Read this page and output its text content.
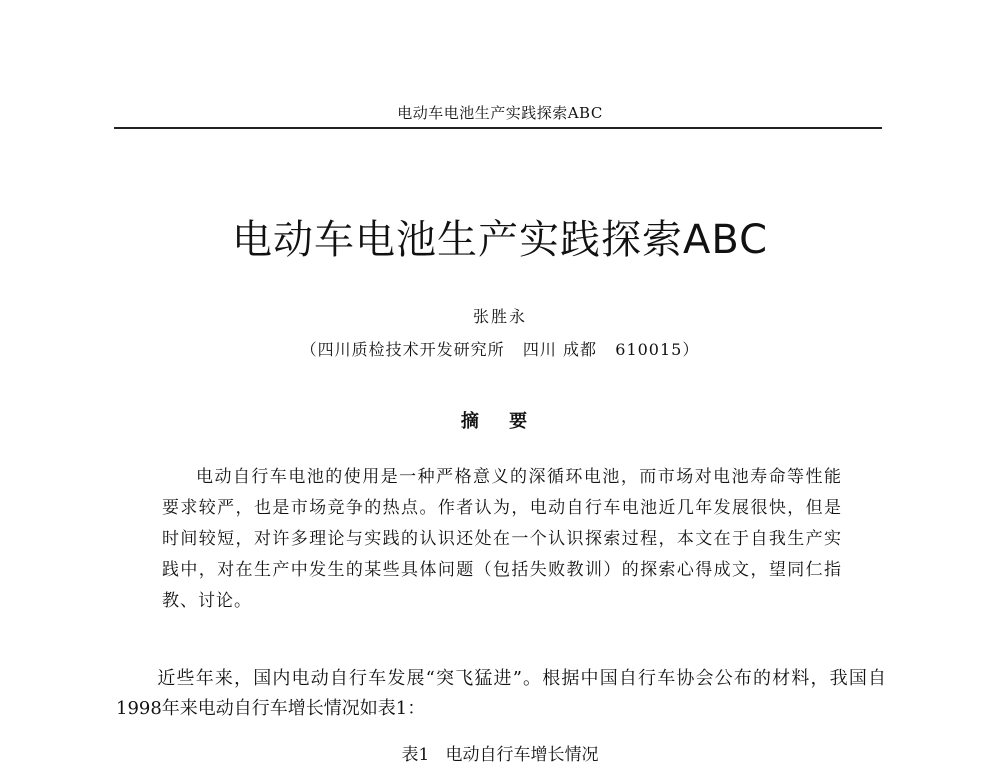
电动车电池生产实践探索ABC
电动车电池生产实践探索ABC
张胜永
（四川质检技术开发研究所   四川 成都   610015）
摘 要

电动自行车电池的使用是一种严格意义的深循环电池，而市场对电池寿命等性能要求较严，也是市场竞争的热点。作者认为，电动自行车电池近几年发展很快，但是时间较短，对许多理论与实践的认识还处在一个认识探索过程，本文在于自我生产实践中，对在生产中发生的某些具体问题（包括失败教训）的探索心得成文，望同仁指教、讨论。

近些年来，国内电动自行车发展“突飞猛进”。根据中国自行车协会公布的材料，我国自1998年来电动自行车增长情况如表1：

表1   电动自行车增长情况
